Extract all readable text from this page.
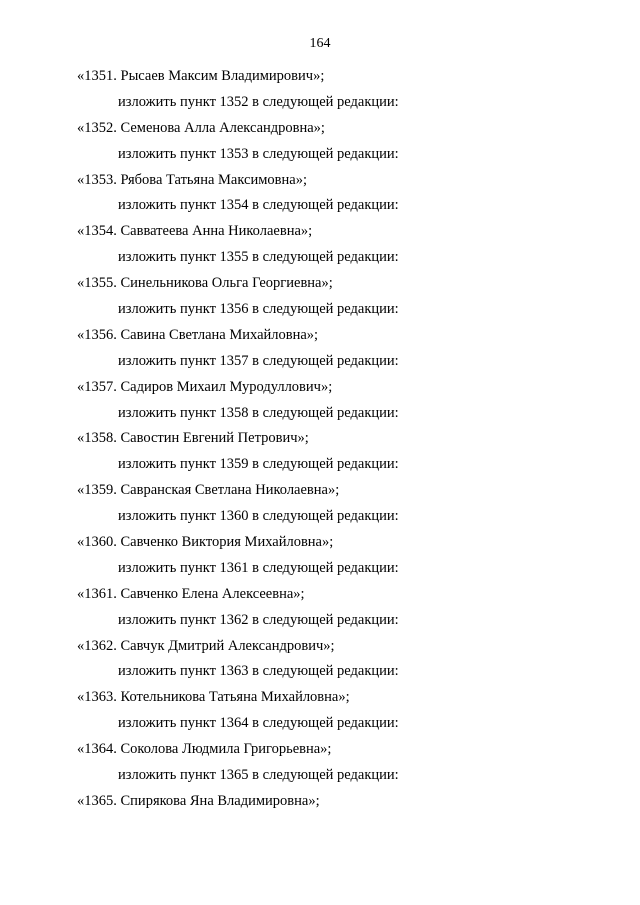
164
«1351. Рысаев Максим Владимирович»;
изложить пункт 1352 в следующей редакции:
«1352. Семенова Алла Александровна»;
изложить пункт 1353 в следующей редакции:
«1353. Рябова Татьяна Максимовна»;
изложить пункт 1354 в следующей редакции:
«1354. Савватеева Анна Николаевна»;
изложить пункт 1355 в следующей редакции:
«1355. Синельникова Ольга Георгиевна»;
изложить пункт 1356 в следующей редакции:
«1356. Савина Светлана Михайловна»;
изложить пункт 1357 в следующей редакции:
«1357. Садиров Михаил Муродуллович»;
изложить пункт 1358 в следующей редакции:
«1358. Савостин Евгений Петрович»;
изложить пункт 1359 в следующей редакции:
«1359. Савранская Светлана Николаевна»;
изложить пункт 1360 в следующей редакции:
«1360. Савченко Виктория Михайловна»;
изложить пункт 1361 в следующей редакции:
«1361. Савченко Елена Алексеевна»;
изложить пункт 1362 в следующей редакции:
«1362. Савчук Дмитрий Александрович»;
изложить пункт 1363 в следующей редакции:
«1363. Котельникова Татьяна Михайловна»;
изложить пункт 1364 в следующей редакции:
«1364. Соколова Людмила Григорьевна»;
изложить пункт 1365 в следующей редакции:
«1365. Спирякова Яна Владимировна»;
